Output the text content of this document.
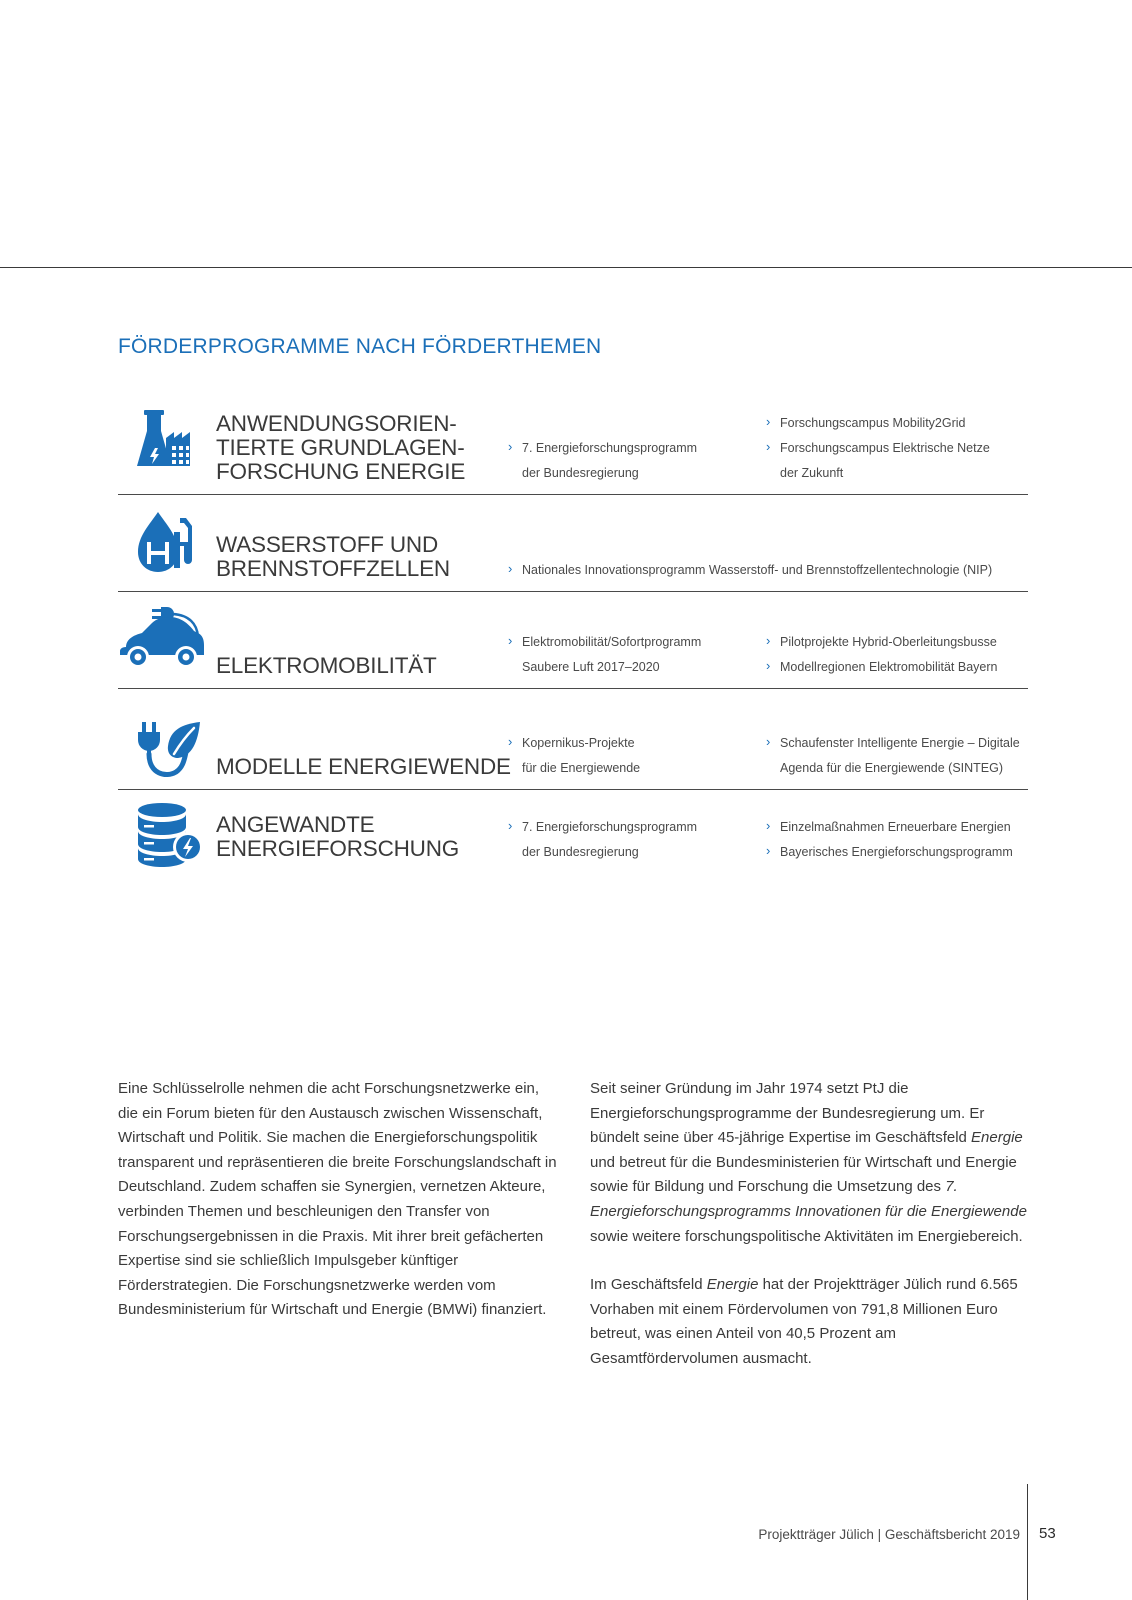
FÖRDERPROGRAMME NACH FÖRDERTHEMEN
ANWENDUNGSORIEN-
TIERTE GRUNDLAGEN-
FORSCHUNG ENERGIE
› 7. Energieforschungsprogramm
der Bundesregierung
› Forschungscampus Mobility2Grid
› Forschungscampus Elektrische Netze
der Zukunft
WASSERSTOFF UND
BRENNSTOFFZELLEN
›	Nationales Innovationsprogramm Wasserstoff- und Brennstoffzellentechnologie (NIP)
ELEKTROMOBILITÄT
› Elektromobilität/Sofortprogramm
Saubere Luft 2017–2020
› Pilotprojekte Hybrid-Oberleitungsbusse
› Modellregionen Elektromobilität Bayern
MODELLE ENERGIEWENDE
› Kopernikus-Projekte
für die Energiewende
› Schaufenster Intelligente Energie – Digitale
Agenda für die Energiewende (SINTEG)
ANGEWANDTE
ENERGIEFORSCHUNG
› 7. Energieforschungsprogramm
der Bundesregierung
› Einzelmaßnahmen Erneuerbare Energien
› Bayerisches Energieforschungsprogramm

Eine Schlüsselrolle nehmen die acht Forschungsnetzwerke ein, die ein Forum bieten für den Austausch zwischen Wissenschaft, Wirtschaft und Politik. Sie machen die Energieforschungspolitik transparent und repräsentieren die breite Forschungslandschaft in Deutschland. Zudem schaffen sie Synergien, vernetzen Akteure, verbinden Themen und beschleunigen den Transfer von Forschungsergebnissen in die Praxis. Mit ihrer breit gefächerten Expertise sind sie schließlich Impulsgeber künftiger Förderstrategien. Die Forschungsnetzwerke werden vom Bundesministerium für Wirtschaft und Energie (BMWi) finanziert.

Seit seiner Gründung im Jahr 1974 setzt PtJ die Energieforschungsprogramme der Bundesregierung um. Er bündelt seine über 45-jährige Expertise im Geschäftsfeld Energie und betreut für die Bundesministerien für Wirtschaft und Energie sowie für Bildung und Forschung die Umsetzung des 7. Energieforschungsprogramms Innovationen für die Energiewende sowie weitere forschungspolitische Aktivitäten im Energiebereich.

Im Geschäftsfeld Energie hat der Projektträger Jülich rund 6.565 Vorhaben mit einem Fördervolumen von 791,8 Millionen Euro betreut, was einen Anteil von 40,5 Prozent am Gesamtfördervolumen ausmacht.

Projektträger Jülich | Geschäftsbericht 2019 53
